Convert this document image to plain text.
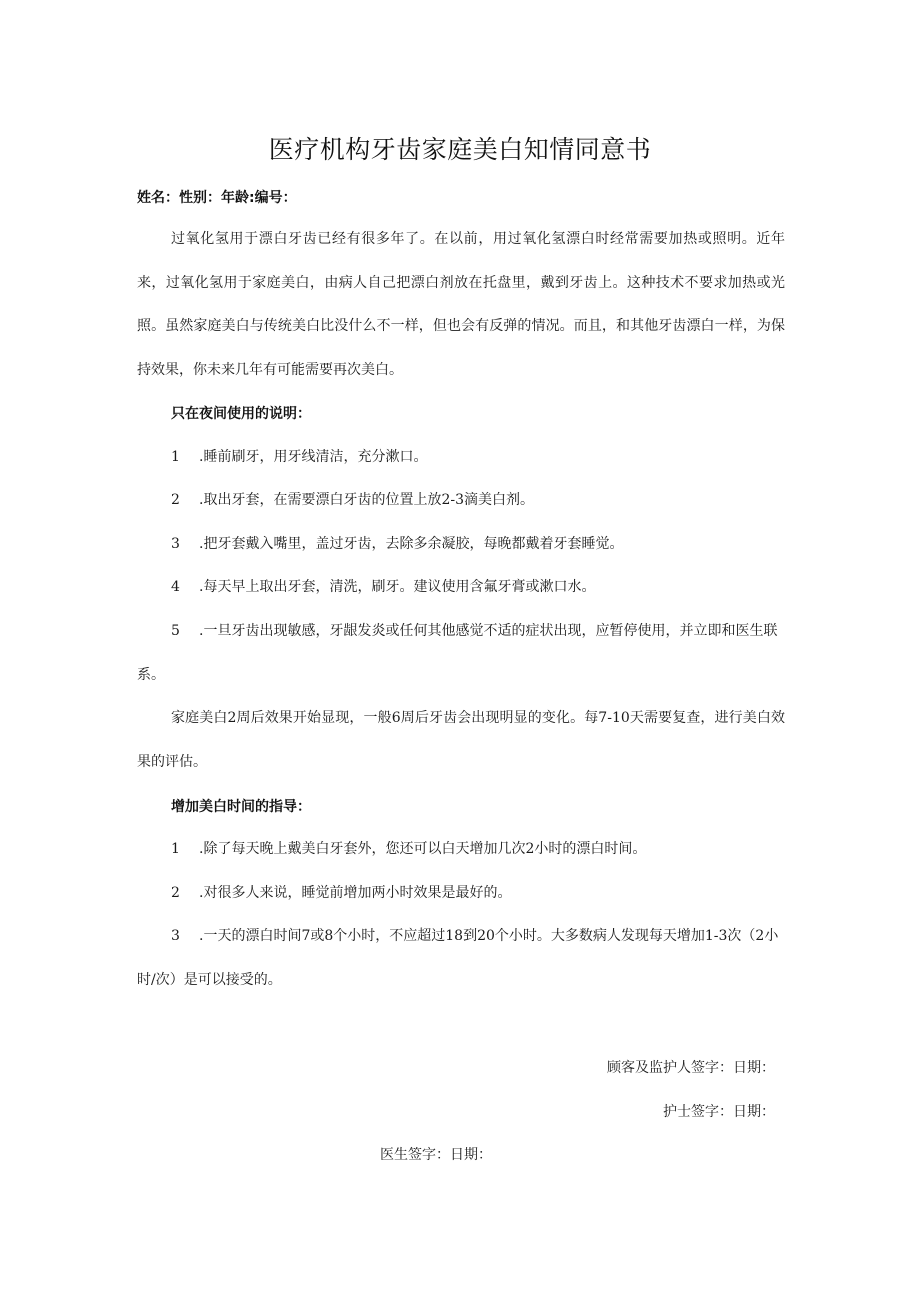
医疗机构牙齿家庭美白知情同意书
姓名：性别：年龄:编号：

过氧化氢用于漂白牙齿已经有很多年了。在以前，用过氧化氢漂白时经常需要加热或照明。近年来，过氧化氢用于家庭美白，由病人自己把漂白剂放在托盘里，戴到牙齿上。这种技术不要求加热或光照。虽然家庭美白与传统美白比没什么不一样，但也会有反弹的情况。而且，和其他牙齿漂白一样，为保持效果，你未来几年有可能需要再次美白。

只在夜间使用的说明：

1 .睡前刷牙，用牙线清洁，充分漱口。

2 .取出牙套，在需要漂白牙齿的位置上放2-3滴美白剂。

3 .把牙套戴入嘴里，盖过牙齿，去除多余凝胶，每晚都戴着牙套睡觉。

4 .每天早上取出牙套，清洗，刷牙。建议使用含氟牙膏或漱口水。

5 .一旦牙齿出现敏感，牙龈发炎或任何其他感觉不适的症状出现，应暂停使用，并立即和医生联系。

家庭美白2周后效果开始显现，一般6周后牙齿会出现明显的变化。每7-10天需要复查，进行美白效果的评估。

增加美白时间的指导：

1 .除了每天晚上戴美白牙套外，您还可以白天增加几次2小时的漂白时间。

2 .对很多人来说，睡觉前增加两小时效果是最好的。

3 .一天的漂白时间7或8个小时，不应超过18到20个小时。大多数病人发现每天增加1-3次（2小时/次）是可以接受的。

顾客及监护人签字：日期：
护士签字：日期：
医生签字：日期：
